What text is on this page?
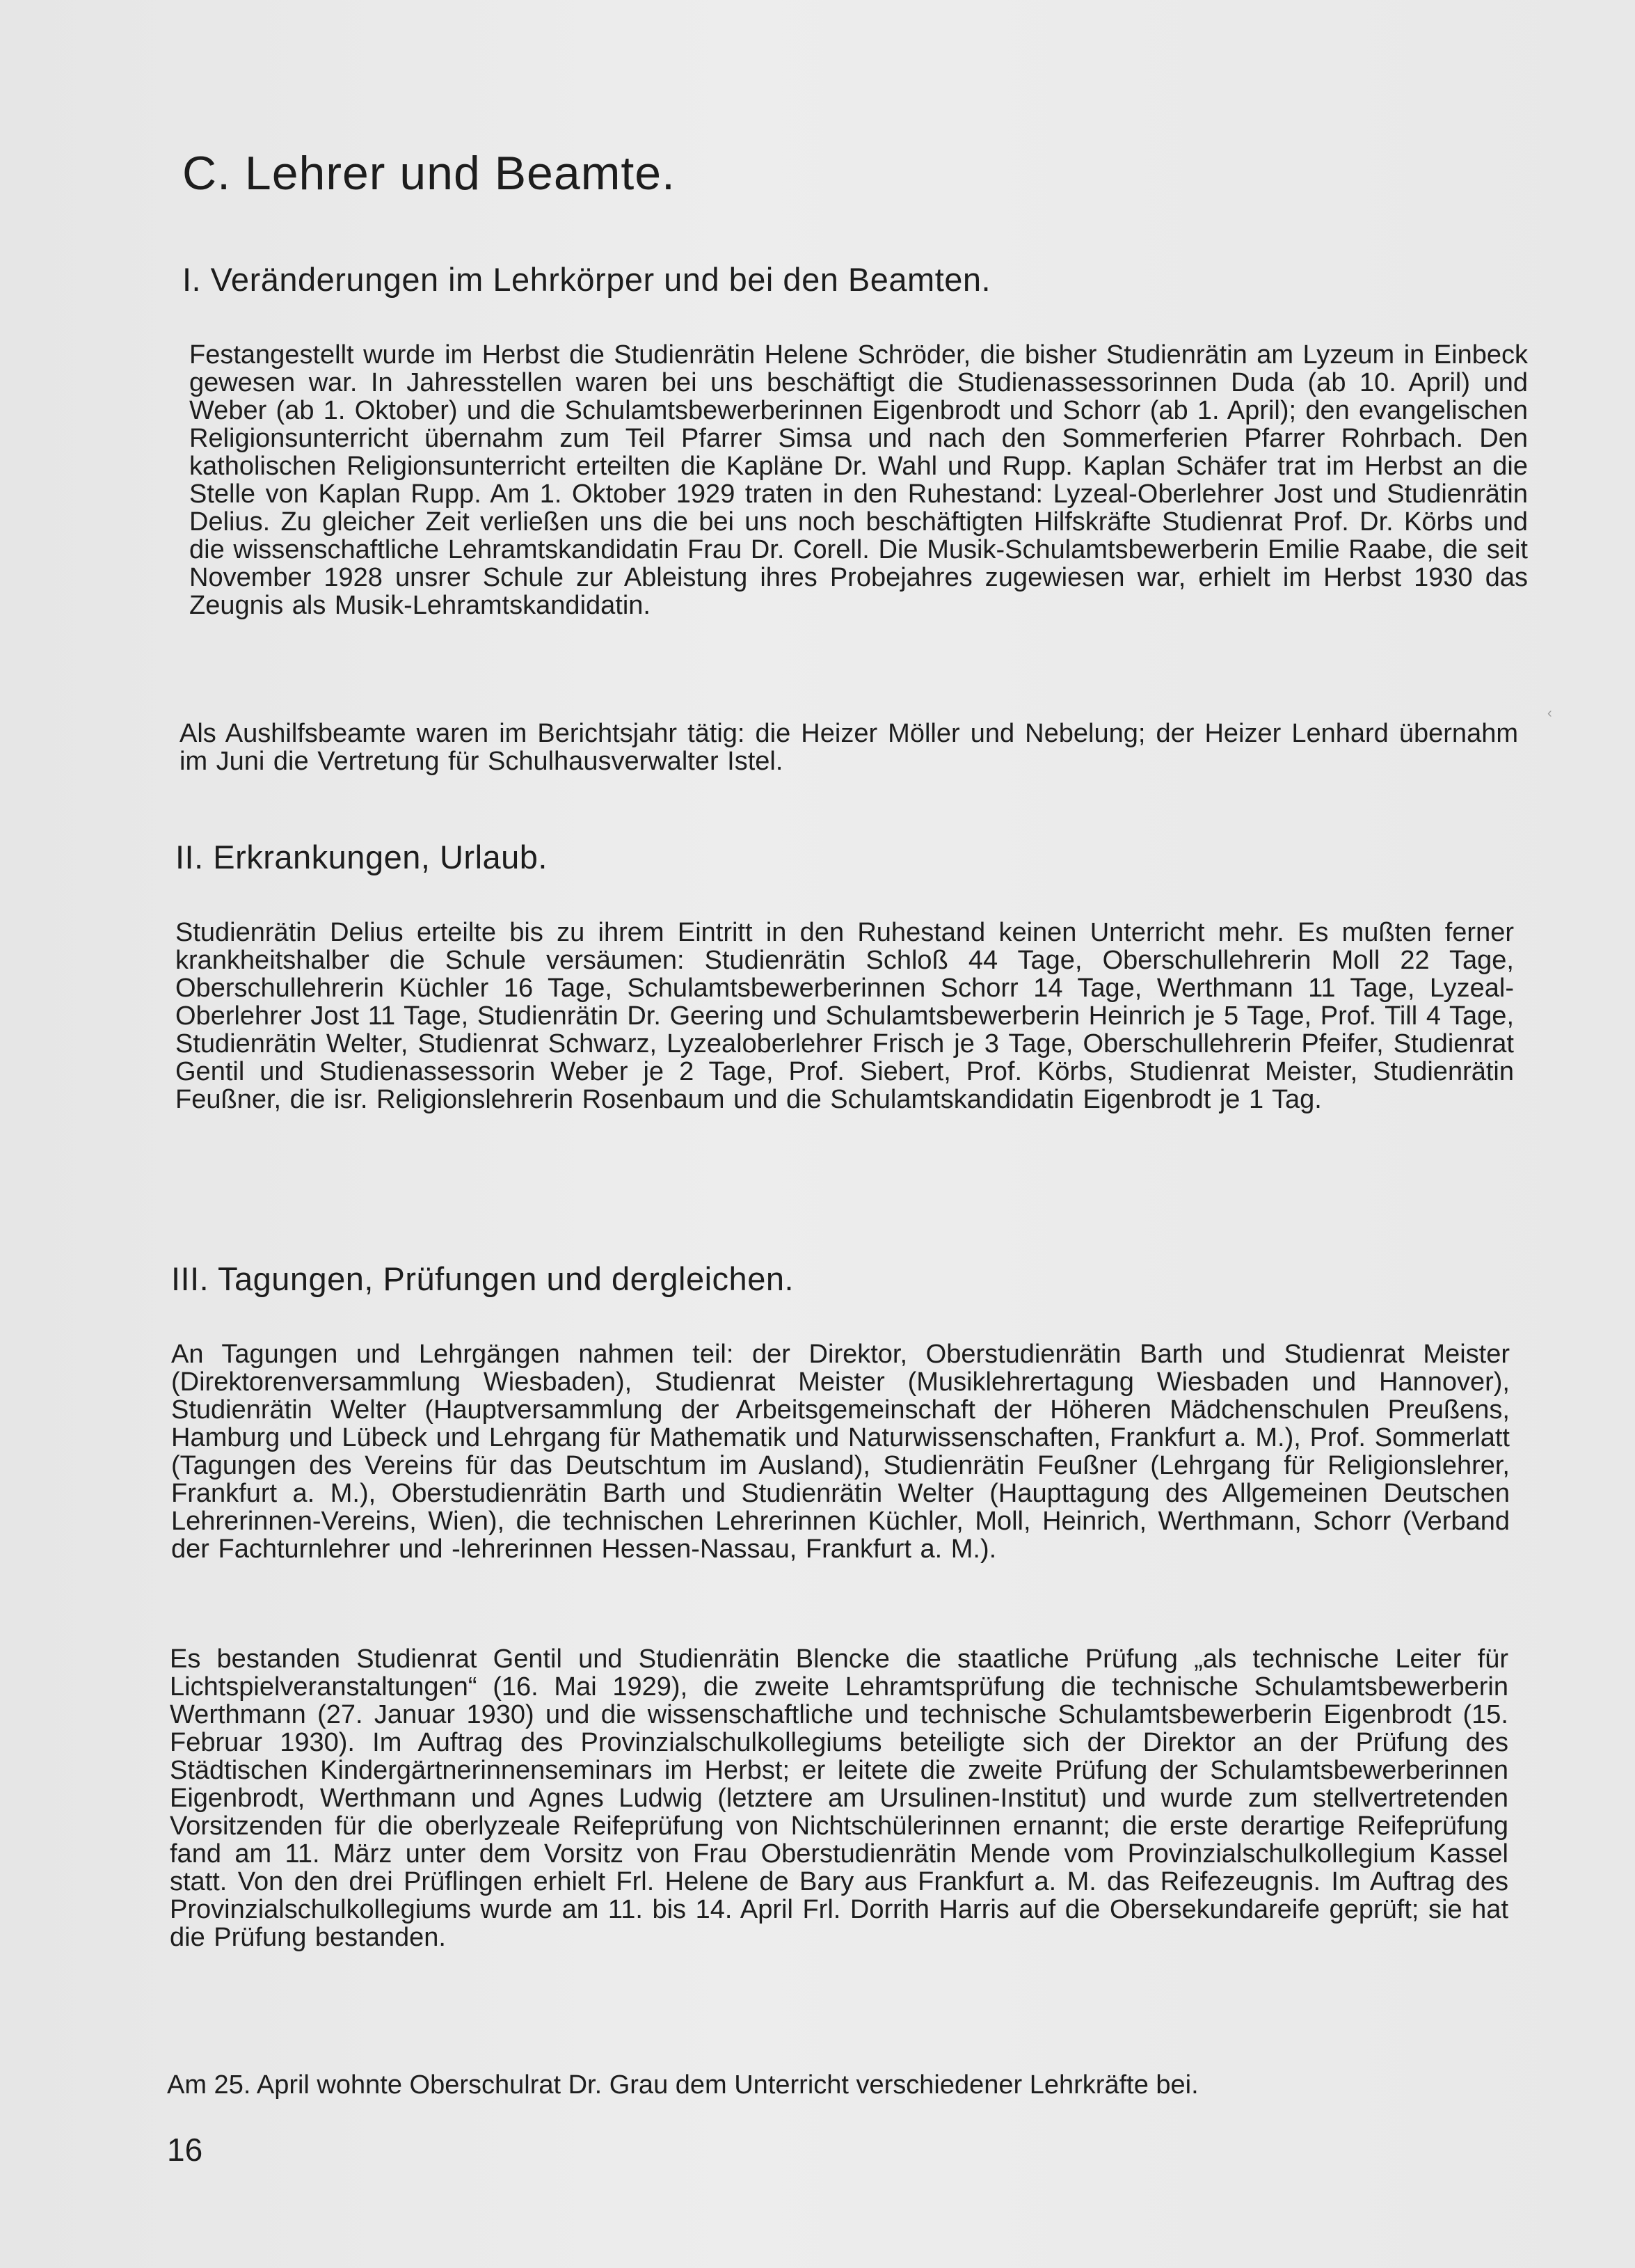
C. Lehrer und Beamte.
I. Veränderungen im Lehrkörper und bei den Beamten.
Festangestellt wurde im Herbst die Studienrätin Helene Schröder, die bisher Studienrätin am Lyzeum in Einbeck gewesen war. In Jahresstellen waren bei uns beschäftigt die Studienassessorinnen Duda (ab 10. April) und Weber (ab 1. Oktober) und die Schulamtsbewerberinnen Eigenbrodt und Schorr (ab 1. April); den evangelischen Religionsunterricht übernahm zum Teil Pfarrer Simsa und nach den Sommerferien Pfarrer Rohrbach. Den katholischen Religionsunterricht erteilten die Kapläne Dr. Wahl und Rupp. Kaplan Schäfer trat im Herbst an die Stelle von Kaplan Rupp. Am 1. Oktober 1929 traten in den Ruhestand: Lyzeal-Oberlehrer Jost und Studienrätin Delius. Zu gleicher Zeit verließen uns die bei uns noch beschäftigten Hilfskräfte Studienrat Prof. Dr. Körbs und die wissenschaftliche Lehramtskandidatin Frau Dr. Corell. Die Musik-Schulamtsbewerberin Emilie Raabe, die seit November 1928 unsrer Schule zur Ableistung ihres Probejahres zugewiesen war, erhielt im Herbst 1930 das Zeugnis als Musik-Lehramtskandidatin.
Als Aushilfsbeamte waren im Berichtsjahr tätig: die Heizer Möller und Nebelung; der Heizer Lenhard übernahm im Juni die Vertretung für Schulhausverwalter Istel.
II. Erkrankungen, Urlaub.
Studienrätin Delius erteilte bis zu ihrem Eintritt in den Ruhestand keinen Unterricht mehr. Es mußten ferner krankheitshalber die Schule versäumen: Studienrätin Schloß 44 Tage, Oberschullehrerin Moll 22 Tage, Oberschullehrerin Küchler 16 Tage, Schulamtsbewerberinnen Schorr 14 Tage, Werthmann 11 Tage, Lyzeal-Oberlehrer Jost 11 Tage, Studienrätin Dr. Geering und Schulamtsbewerberin Heinrich je 5 Tage, Prof. Till 4 Tage, Studienrätin Welter, Studienrat Schwarz, Lyzealoberlehrer Frisch je 3 Tage, Oberschullehrerin Pfeifer, Studienrat Gentil und Studienassessorin Weber je 2 Tage, Prof. Siebert, Prof. Körbs, Studienrat Meister, Studienrätin Feußner, die isr. Religionslehrerin Rosenbaum und die Schulamtskandidatin Eigenbrodt je 1 Tag.
III. Tagungen, Prüfungen und dergleichen.
An Tagungen und Lehrgängen nahmen teil: der Direktor, Oberstudienrätin Barth und Studienrat Meister (Direktorenversammlung Wiesbaden), Studienrat Meister (Musiklehrertagung Wiesbaden und Hannover), Studienrätin Welter (Hauptversammlung der Arbeitsgemeinschaft der Höheren Mädchenschulen Preußens, Hamburg und Lübeck und Lehrgang für Mathematik und Naturwissenschaften, Frankfurt a. M.), Prof. Sommerlatt (Tagungen des Vereins für das Deutschtum im Ausland), Studienrätin Feußner (Lehrgang für Religionslehrer, Frankfurt a. M.), Oberstudienrätin Barth und Studienrätin Welter (Haupttagung des Allgemeinen Deutschen Lehrerinnen-Vereins, Wien), die technischen Lehrerinnen Küchler, Moll, Heinrich, Werthmann, Schorr (Verband der Fachturnlehrer und -lehrerinnen Hessen-Nassau, Frankfurt a. M.).
Es bestanden Studienrat Gentil und Studienrätin Blencke die staatliche Prüfung „als technische Leiter für Lichtspielveranstaltungen“ (16. Mai 1929), die zweite Lehramtsprüfung die technische Schulamtsbewerberin Werthmann (27. Januar 1930) und die wissenschaftliche und technische Schulamtsbewerberin Eigenbrodt (15. Februar 1930). Im Auftrag des Provinzialschulkollegiums beteiligte sich der Direktor an der Prüfung des Städtischen Kindergärtnerinnenseminars im Herbst; er leitete die zweite Prüfung der Schulamtsbewerberinnen Eigenbrodt, Werthmann und Agnes Ludwig (letztere am Ursulinen-Institut) und wurde zum stellvertretenden Vorsitzenden für die oberlyzeale Reifeprüfung von Nichtschülerinnen ernannt; die erste derartige Reifeprüfung fand am 11. März unter dem Vorsitz von Frau Oberstudienrätin Mende vom Provinzialschulkollegium Kassel statt. Von den drei Prüflingen erhielt Frl. Helene de Bary aus Frankfurt a. M. das Reifezeugnis. Im Auftrag des Provinzialschulkollegiums wurde am 11. bis 14. April Frl. Dorrith Harris auf die Obersekundareife geprüft; sie hat die Prüfung bestanden.
Am 25. April wohnte Oberschulrat Dr. Grau dem Unterricht verschiedener Lehrkräfte bei.
16
‹
